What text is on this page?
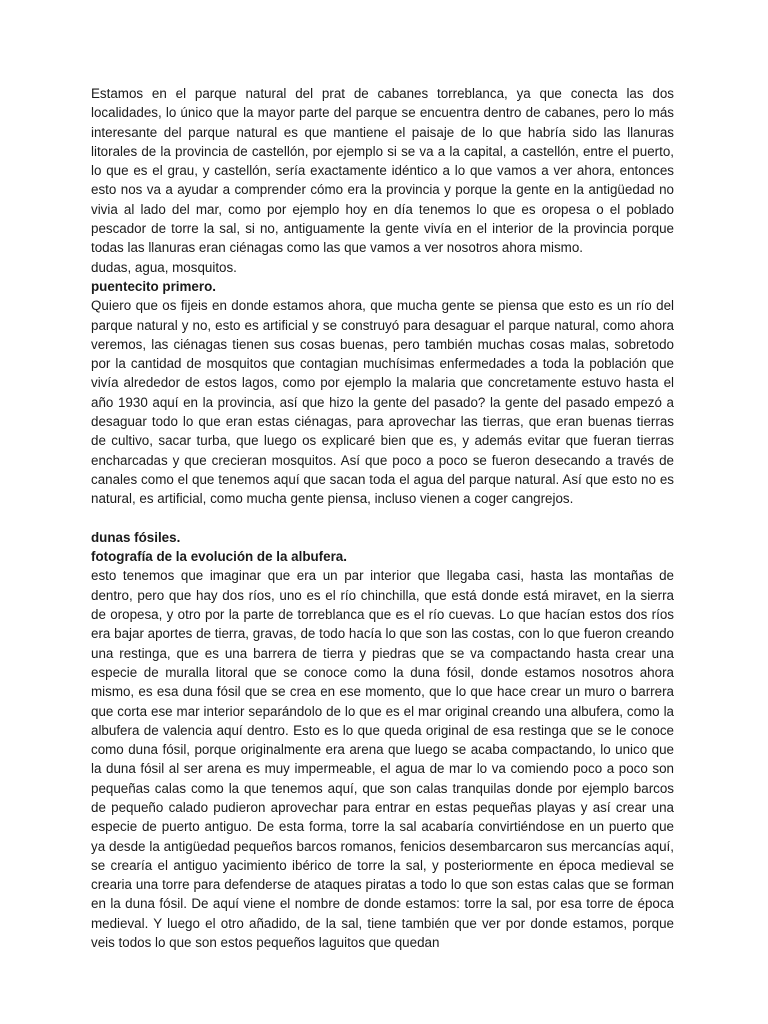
Estamos en el parque natural del prat de cabanes torreblanca, ya que conecta las dos localidades, lo único que la mayor parte del parque se encuentra dentro de cabanes, pero lo más interesante del parque natural es que mantiene el paisaje de lo que habría sido las llanuras litorales de la provincia de castellón, por ejemplo si se va a la capital, a castellón, entre el puerto, lo que es el grau, y castellón, sería exactamente idéntico a lo que vamos a ver ahora, entonces esto nos va a ayudar a comprender cómo era la provincia y porque la gente en la antigüedad no vivia al lado del mar, como por ejemplo hoy en día tenemos lo que es oropesa o el poblado pescador de torre la sal, si no, antiguamente la gente vivía en el interior de la provincia porque todas las llanuras eran ciénagas como las que vamos a ver nosotros ahora mismo.

dudas, agua, mosquitos.

puentecito primero.

Quiero que os fijeis en donde estamos ahora, que mucha gente se piensa que esto es un río del parque natural y no, esto es artificial y se construyó para desaguar el parque natural, como ahora veremos, las ciénagas tienen sus cosas buenas, pero también muchas cosas malas, sobretodo por la cantidad de mosquitos que contagian muchísimas enfermedades a toda la población que vivía alrededor de estos lagos, como por ejemplo la malaria que concretamente estuvo hasta el año 1930 aquí en la provincia, así que hizo la gente del pasado? la gente del pasado empezó a desaguar todo lo que eran estas ciénagas, para aprovechar las tierras, que eran buenas tierras de cultivo, sacar turba, que luego os explicaré bien que es, y además evitar que fueran tierras encharcadas y que crecieran mosquitos. Así que poco a poco se fueron desecando a través de canales como el que tenemos aquí que sacan toda el agua del parque natural. Así que esto no es natural, es artificial, como mucha gente piensa, incluso vienen a coger cangrejos.

dunas fósiles.

fotografía de la evolución de la albufera.

esto tenemos que imaginar que era un par interior que llegaba casi, hasta las montañas de dentro, pero que hay dos ríos, uno es el río chinchilla, que está donde está miravet, en la sierra de oropesa, y otro por la parte de torreblanca que es el río cuevas. Lo que hacían estos dos ríos era bajar aportes de tierra, gravas, de todo hacía lo que son las costas, con lo que fueron creando una restinga, que es una barrera de tierra y piedras que se va compactando hasta crear una especie de muralla litoral que se conoce como la duna fósil, donde estamos nosotros ahora mismo, es esa duna fósil que se crea en ese momento, que lo que hace crear un muro o barrera que corta ese mar interior separándolo de lo que es el mar original creando una albufera, como la albufera de valencia aquí dentro. Esto es lo que queda original de esa restinga que se le conoce como duna fósil, porque originalmente era arena que luego se acaba compactando, lo unico que la duna fósil al ser arena es muy impermeable, el agua de mar lo va comiendo poco a poco son pequeñas calas como la que tenemos aquí, que son calas tranquilas donde por ejemplo barcos de pequeño calado pudieron aprovechar para entrar en estas pequeñas playas y así crear una especie de puerto antiguo. De esta forma, torre la sal acabaría convirtiéndose en un puerto que ya desde la antigüedad pequeños barcos romanos, fenicios desembarcaron sus mercancías aquí, se crearía el antiguo yacimiento ibérico de torre la sal, y posteriormente en época medieval se crearia una torre para defenderse de ataques piratas a todo lo que son estas calas que se forman en la duna fósil. De aquí viene el nombre de donde estamos: torre la sal, por esa torre de época medieval. Y luego el otro añadido, de la sal, tiene también que ver por donde estamos, porque veis todos lo que son estos pequeños laguitos que quedan
